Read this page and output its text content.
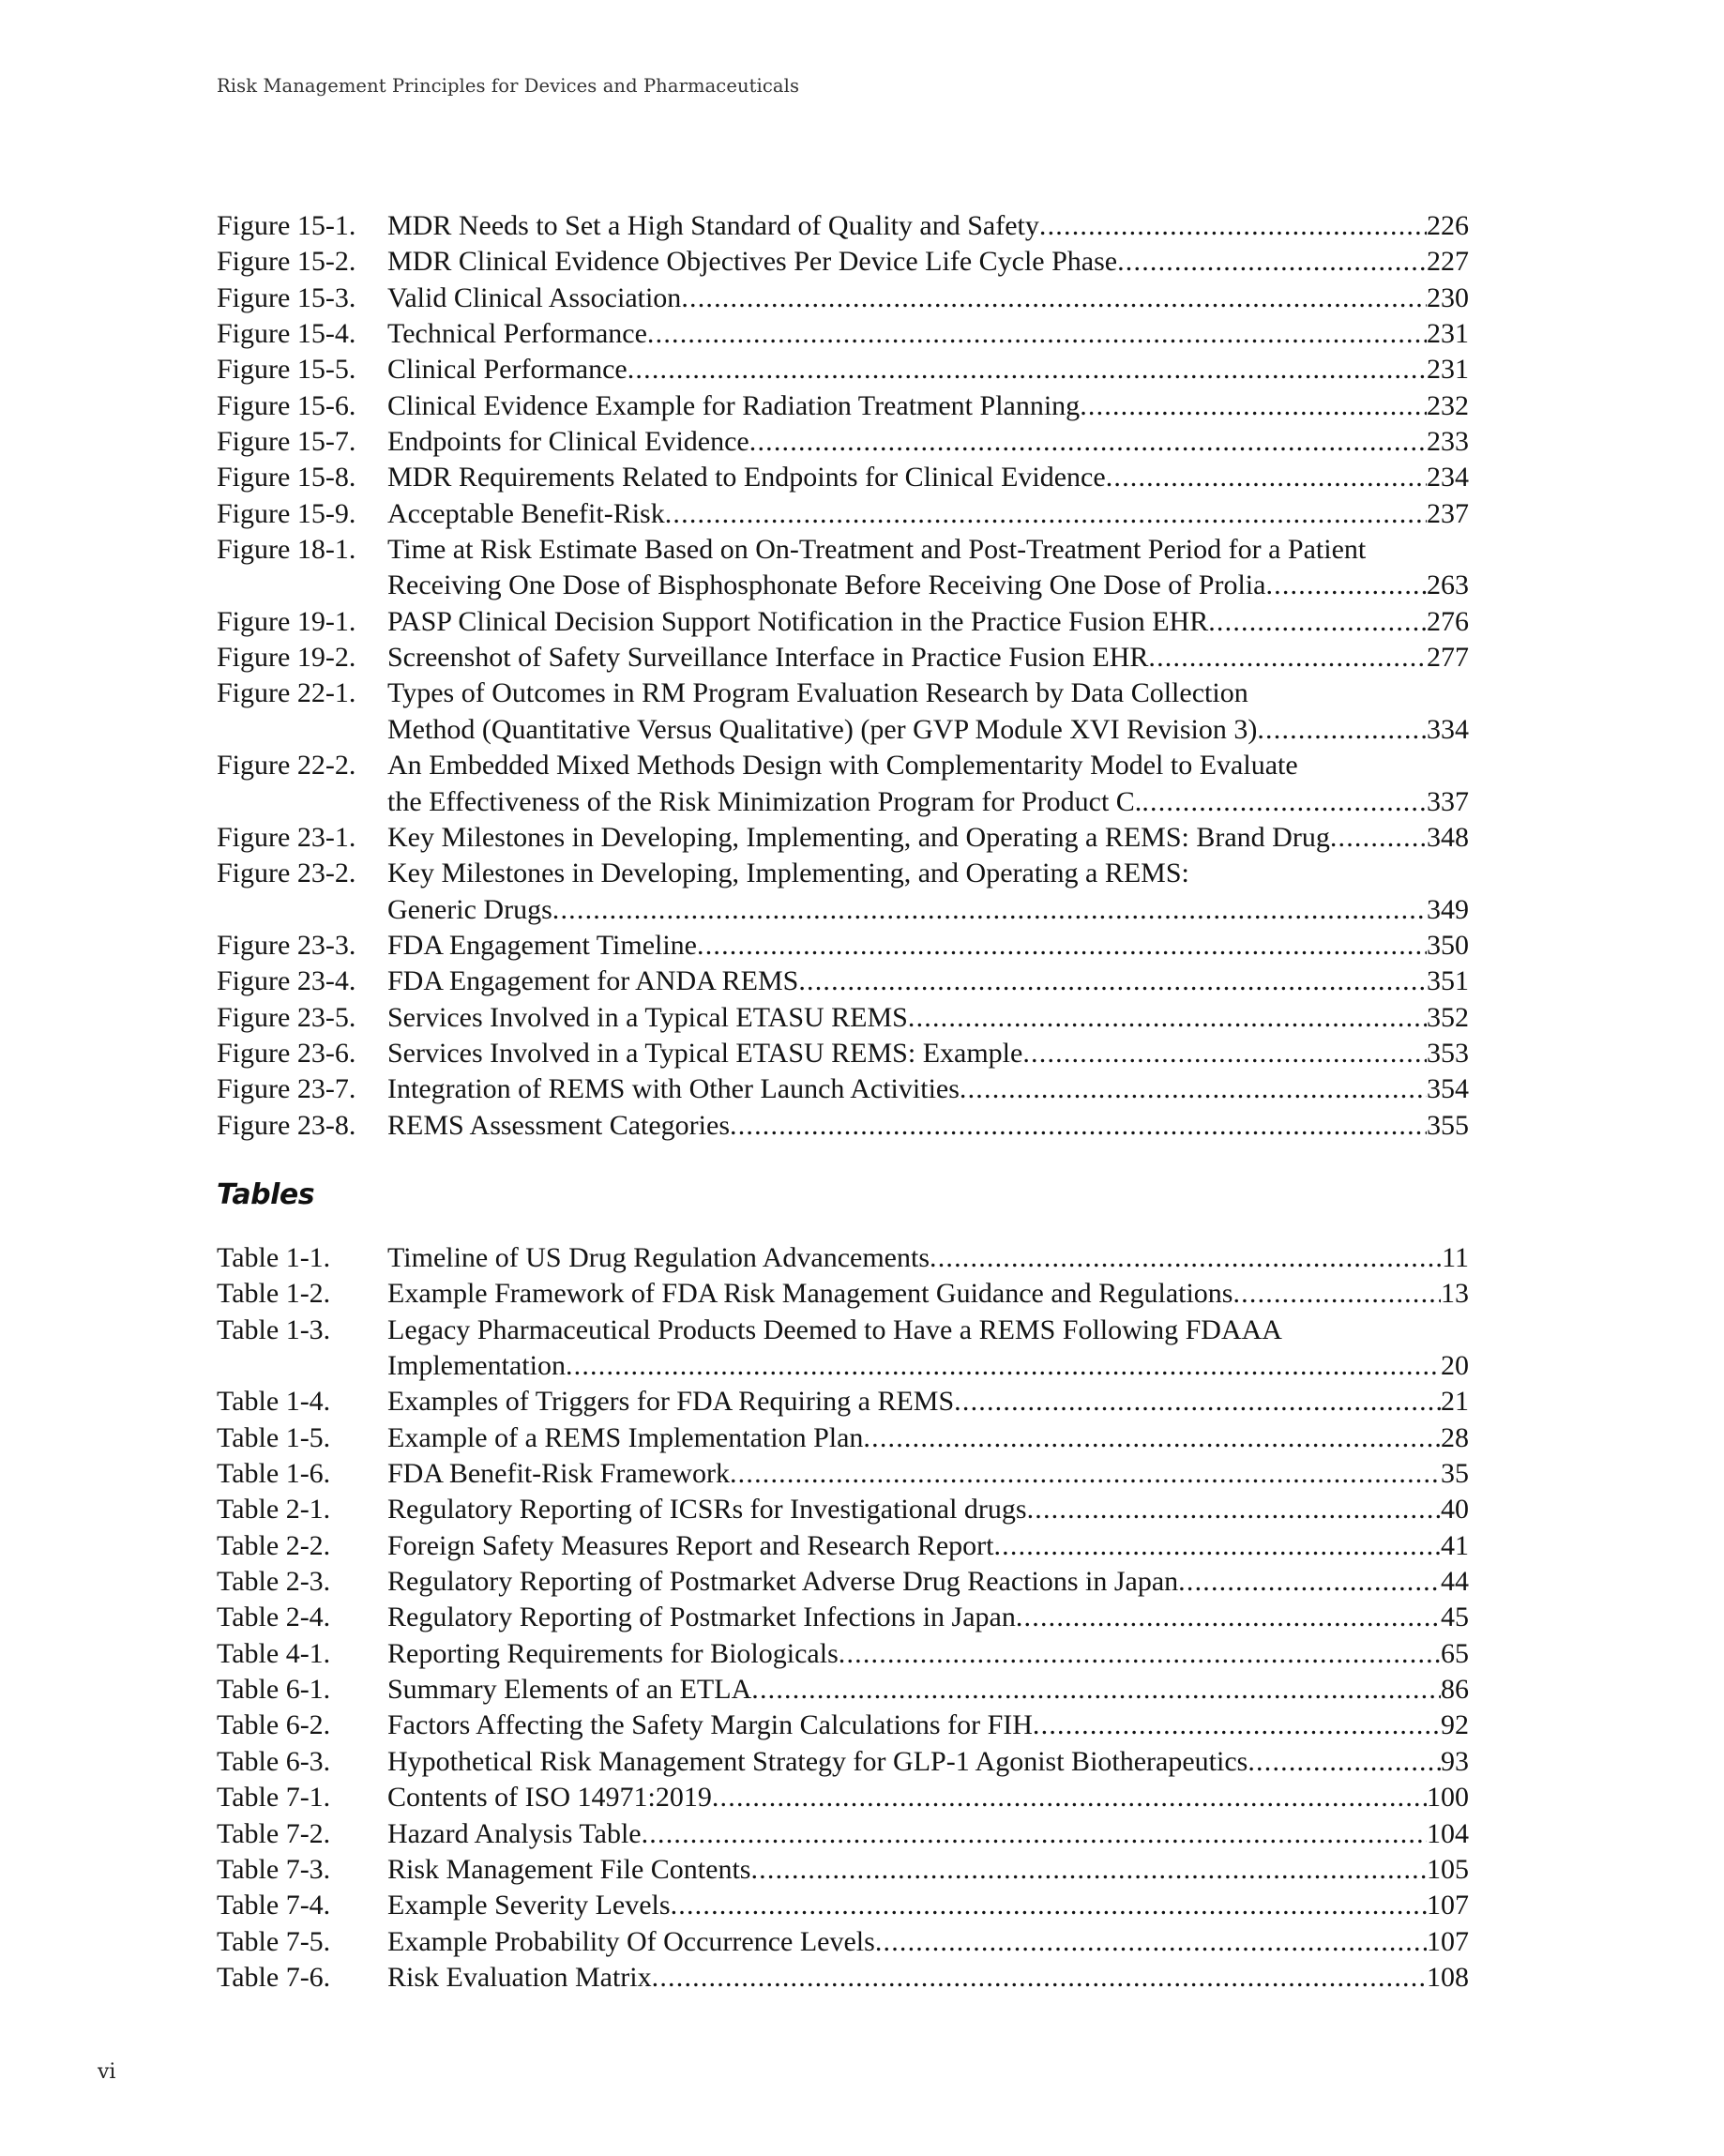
Risk Management Principles for Devices and Pharmaceuticals
Figure 15-1.	MDR Needs to Set a High Standard of Quality and Safety .....	226
Figure 15-2.	MDR Clinical Evidence Objectives Per Device Life Cycle Phase .....	227
Figure 15-3.	Valid Clinical Association .....	230
Figure 15-4.	Technical Performance .....	231
Figure 15-5.	Clinical Performance .....	231
Figure 15-6.	Clinical Evidence Example for Radiation Treatment Planning .....	232
Figure 15-7.	Endpoints for Clinical Evidence .....	233
Figure 15-8.	MDR Requirements Related to Endpoints for Clinical Evidence .....	234
Figure 15-9.	Acceptable Benefit-Risk .....	237
Figure 18-1.	Time at Risk Estimate Based on On-Treatment and Post-Treatment Period for a Patient
Receiving One Dose of Bisphosphonate Before Receiving One Dose of Prolia .....	263
Figure 19-1.	PASP Clinical Decision Support Notification in the Practice Fusion EHR .....	276
Figure 19-2.	Screenshot of Safety Surveillance Interface in Practice Fusion EHR .....	277
Figure 22-1.	Types of Outcomes in RM Program Evaluation Research by Data Collection
Method (Quantitative Versus Qualitative) (per GVP Module XVI Revision 3) .....	334
Figure 22-2.	An Embedded Mixed Methods Design with Complementarity Model to Evaluate
the Effectiveness of the Risk Minimization Program for Product C. .....	337
Figure 23-1.	Key Milestones in Developing, Implementing, and Operating a REMS: Brand Drug .....	348
Figure 23-2.	Key Milestones in Developing, Implementing, and Operating a REMS:
Generic Drugs .....	349
Figure 23-3.	FDA Engagement Timeline .....	350
Figure 23-4.	FDA Engagement for ANDA REMS .....	351
Figure 23-5.	Services Involved in a Typical ETASU REMS .....	352
Figure 23-6.	Services Involved in a Typical ETASU REMS: Example .....	353
Figure 23-7.	Integration of REMS with Other Launch Activities .....	354
Figure 23-8.	REMS Assessment Categories .....	355
Tables
Table 1-1.	Timeline of US Drug Regulation Advancements .....	11
Table 1-2.	Example Framework of FDA Risk Management Guidance and Regulations .....	13
Table 1-3.	Legacy Pharmaceutical Products Deemed to Have a REMS Following FDAAA
Implementation .....	20
Table 1-4.	Examples of Triggers for FDA Requiring a REMS .....	21
Table 1-5.	Example of a REMS Implementation Plan .....	28
Table 1-6.	FDA Benefit-Risk Framework .....	35
Table 2-1.	Regulatory Reporting of ICSRs for Investigational drugs .....	40
Table 2-2.	Foreign Safety Measures Report and Research Report .....	41
Table 2-3.	Regulatory Reporting of Postmarket Adverse Drug Reactions in Japan .....	44
Table 2-4.	Regulatory Reporting of Postmarket Infections in Japan .....	45
Table 4-1.	Reporting Requirements for Biologicals .....	65
Table 6-1.	Summary Elements of an ETLA .....	86
Table 6-2.	Factors Affecting the Safety Margin Calculations for FIH .....	92
Table 6-3.	Hypothetical Risk Management Strategy for GLP-1 Agonist Biotherapeutics .....	93
Table 7-1.	Contents of ISO 14971:2019 .....	100
Table 7-2.	Hazard Analysis Table .....	104
Table 7-3.	Risk Management File Contents .....	105
Table 7-4.	Example Severity Levels .....	107
Table 7-5.	Example Probability Of Occurrence Levels .....	107
Table 7-6.	Risk Evaluation Matrix .....	108
vi
